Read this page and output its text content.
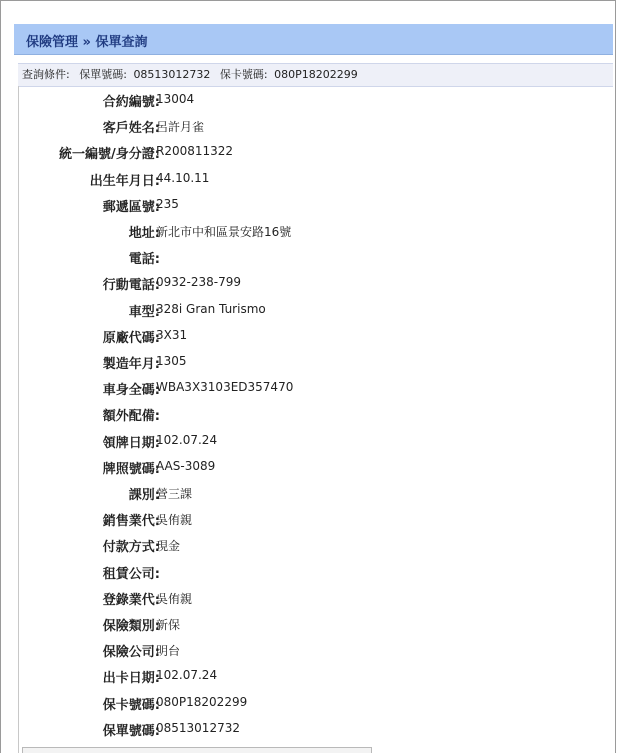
保險管理 » 保單查詢
查詢條件: 保單號碼: 08513012732 保卡號碼: 080P18202299
合約編號:
13004
客戶姓名:
呂許月雀
統一編號/身分證:
R200811322
出生年月日:
44.10.11
郵遞區號:
235
地址:
新北市中和區景安路16號
電話:
行動電話:
0932-238-799
車型:
328i Gran Turismo
原廠代碼:
3X31
製造年月:
1305
車身全碼:
WBA3X3103ED357470
額外配備:
領牌日期:
102.07.24
牌照號碼:
AAS-3089
課別:
營三課
銷售業代:
吳侑親
付款方式:
現金
租賃公司:
登錄業代:
吳侑親
保險類別:
新保
保險公司:
明台
出卡日期:
102.07.24
保卡號碼:
080P18202299
保單號碼:
08513012732
